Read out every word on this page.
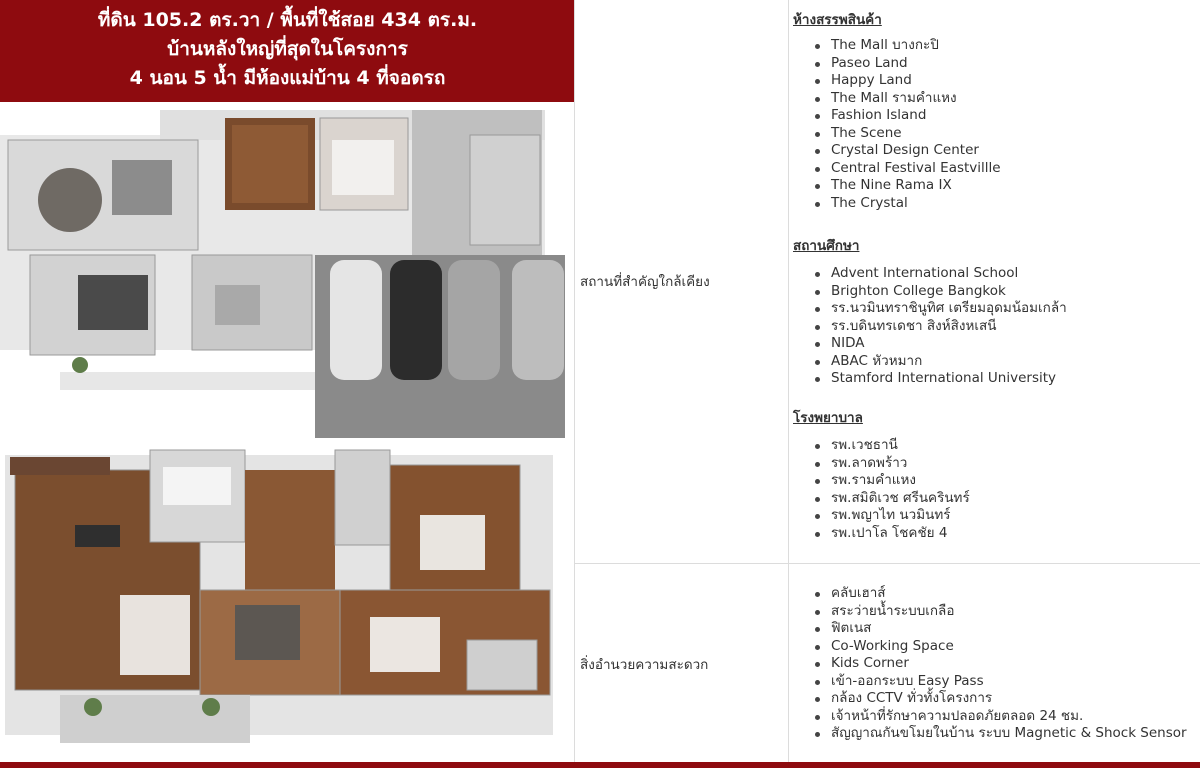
ที่ดิน 105.2 ตร.วา / พื้นที่ใช้สอย 434 ตร.ม.
บ้านหลังใหญ่ที่สุดในโครงการ
4 นอน 5 น้ำ มีห้องแม่บ้าน 4 ที่จอดรถ
สถานที่สำคัญใกล้เคียง
สิ่งอำนวยความสะดวก
ห้างสรรพสินค้า
The Mall บางกะปิ
Paseo Land
Happy Land
The Mall รามคำแหง
Fashion Island
The Scene
Crystal Design Center
Central Festival Eastvillle
The Nine Rama IX
The Crystal
สถานศึกษา
Advent International School
Brighton College Bangkok
รร.นวมินทราชินูทิศ เตรียมอุดมน้อมเกล้า
รร.บดินทรเดชา สิงห์สิงหเสนี
NIDA
ABAC หัวหมาก
Stamford International University
โรงพยาบาล
รพ.เวชธานี
รพ.ลาดพร้าว
รพ.รามคำแหง
รพ.สมิติเวช ศรีนครินทร์
รพ.พญาไท นวมินทร์
รพ.เปาโล โชคชัย 4
คลับเฮาส์
สระว่ายน้ำระบบเกลือ
ฟิตเนส
Co-Working Space
Kids Corner
เข้า-ออกระบบ Easy Pass
กล้อง CCTV ทั่วทั้งโครงการ
เจ้าหน้าที่รักษาความปลอดภัยตลอด 24 ชม.
สัญญาณกันขโมยในบ้าน ระบบ Magnetic & Shock Sensor
